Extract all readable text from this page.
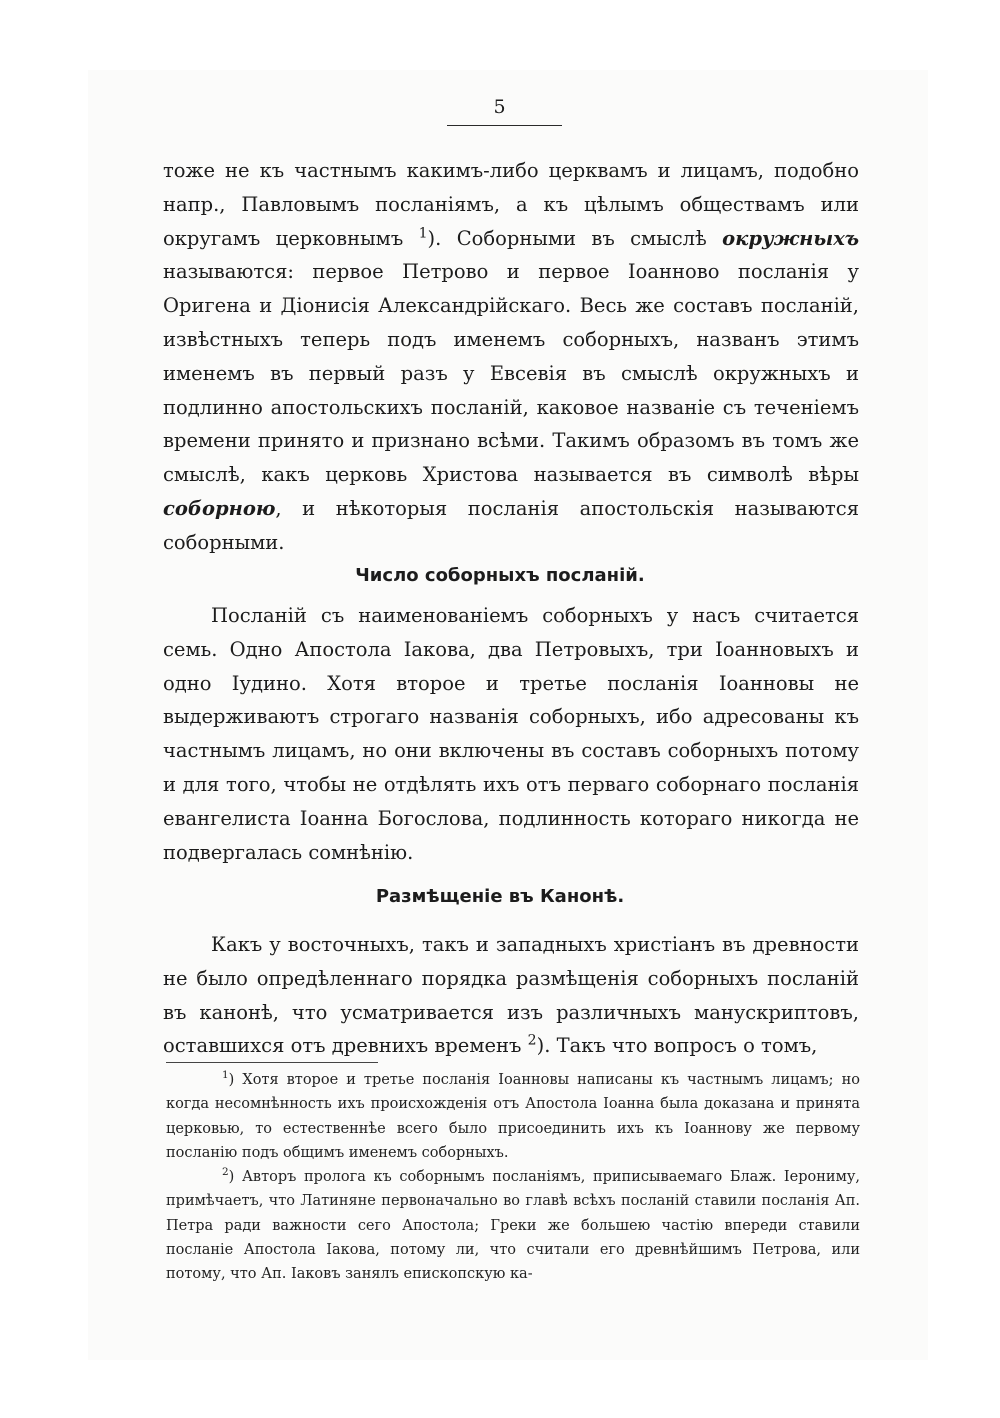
5

тоже не къ частнымъ какимъ-либо церквамъ и лицамъ, подобно напр., Павловымъ посланіямъ, а къ цѣлымъ обществамъ или округамъ церковнымъ $^1$). Соборными въ смыслѣ окружныхъ называются: первое Петрово и первое Іоанново посланія у Оригена и Діонисія Александрійскаго. Весь же составъ посланій, извѣстныхъ теперь подъ именемъ соборныхъ, названъ этимъ именемъ въ первый разъ у Евсевія въ смыслѣ окружныхъ и подлинно апостольскихъ посланій, каковое названіе съ теченіемъ времени принято и признано всѣми. Такимъ образомъ въ томъ же смыслѣ, какъ церковь Христова называется въ символѣ вѣры соборною, и нѣкоторыя посланія апостольскія называются соборными.

Число соборныхъ посланій.

Посланій съ наименованіемъ соборныхъ у насъ считается семь. Одно Апостола Іакова, два Петровыхъ, три Іоанновыхъ и одно Іудино. Хотя второе и третье посланія Іоанновы не выдерживаютъ строгаго названія соборныхъ, ибо адресованы къ частнымъ лицамъ, но они включены въ составъ соборныхъ потому и для того, чтобы не отдѣлять ихъ отъ перваго соборнаго посланія евангелиста Іоанна Богослова, подлинность котораго никогда не подвергалась сомнѣнію.

Размѣщеніе въ Канонѣ.

Какъ у восточныхъ, такъ и западныхъ христіанъ въ древности не было опредѣленнаго порядка размѣщенія соборныхъ посланій въ канонѣ, что усматривается изъ различныхъ манускриптовъ, оставшихся отъ древнихъ временъ $^2$). Такъ что вопросъ о томъ,

$^1$) Хотя второе и третье посланія Іоанновы написаны къ частнымъ лицамъ; но когда несомнѣнность ихъ происхожденія отъ Апостола Іоанна была доказана и принята церковью, то естественнѣе всего было присоединить ихъ къ Іоаннову же первому посланію подъ общимъ именемъ соборныхъ.

$^2$) Авторъ пролога къ соборнымъ посланіямъ, приписываемаго Блаж. Іерониму, примѣчаетъ, что Латиняне первоначально во главѣ всѣхъ посланій ставили посланія Ап. Петра ради важности сего Апостола; Греки же большею частію впереди ставили посланіе Апостола Іакова, потому ли, что считали его древнѣйшимъ Петрова, или потому, что Ап. Іаковъ занялъ епископскую ка-
